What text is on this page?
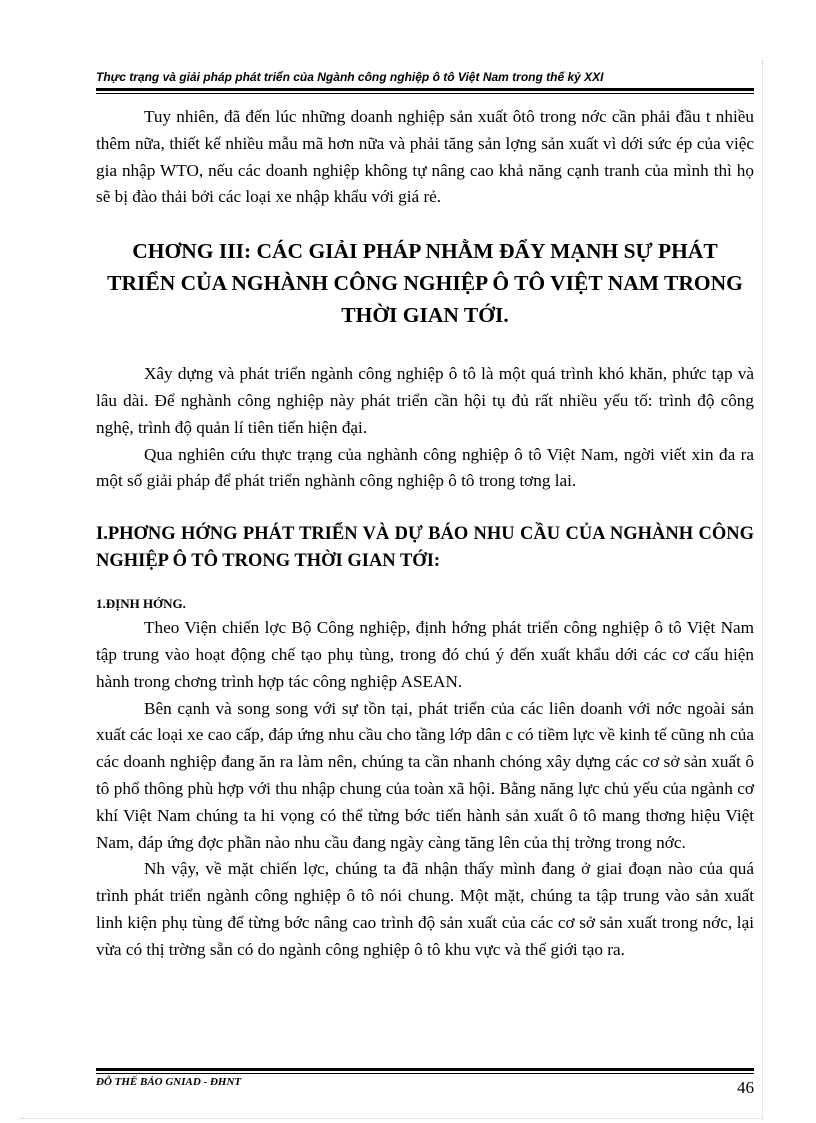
Thực trạng và giải pháp phát triển của Ngành công nghiệp ô tô Việt Nam trong thế kỷ XXI

Tuy nhiên, đã đến lúc những doanh nghiệp sản xuất ôtô trong nớc cần phải đầu t nhiều thêm nữa, thiết kế nhiều mẫu mã hơn nữa và phải tăng sản lợng sản xuất vì dới sức ép của việc gia nhập WTO, nếu các doanh nghiệp không tự nâng cao khả năng cạnh tranh của mình thì họ sẽ bị đào thải bởi các loại xe nhập khẩu với giá rẻ.

CHƠNG III: CÁC GIẢI PHÁP NHẰM ĐẨY MẠNH SỰ PHÁT TRIỂN CỦA NGHÀNH CÔNG NGHIỆP Ô TÔ VIỆT NAM TRONG THỜI GIAN TỚI.

Xây dựng và phát triển ngành công nghiệp ô tô là một quá trình khó khăn, phức tạp và lâu dài. Để nghành công nghiệp này phát triển cần hội tụ đủ rất nhiều yếu tố: trình độ công nghệ, trình độ quản lí tiên tiến hiện đại.

Qua nghiên cứu thực trạng của nghành công nghiệp ô tô Việt Nam, ngời viết xin đa ra một số giải pháp để phát triển nghành công nghiệp ô tô trong tơng lai.

I.PHƠNG HỚNG PHÁT TRIỂN VÀ DỰ BÁO NHU CẦU CỦA NGHÀNH CÔNG NGHIỆP Ô TÔ TRONG THỜI GIAN TỚI:
1.ĐỊNH HỚNG.

Theo Viện chiến lợc Bộ Công nghiệp, định hớng phát triển công nghiệp ô tô Việt Nam tập trung vào hoạt động chế tạo phụ tùng, trong đó chú ý đến xuất khẩu dới các cơ cấu hiện hành trong chơng trình hợp tác công nghiệp ASEAN.

Bên cạnh và song song với sự tồn tại, phát triển của các liên doanh với nớc ngoài sản xuất các loại xe cao cấp, đáp ứng nhu cầu cho tầng lớp dân c có tiềm lực về kinh tế cũng nh của các doanh nghiệp đang ăn ra làm nên, chúng ta cần nhanh chóng xây dựng các cơ sở sản xuất ô tô phổ thông phù hợp với thu nhập chung của toàn xã hội. Bằng năng lực chủ yếu của ngành cơ khí Việt Nam chúng ta hi vọng có thể từng bớc tiến hành sản xuất ô tô mang thơng hiệu Việt Nam, đáp ứng đợc phần nào nhu cầu đang ngày càng tăng lên của thị trờng trong nớc.

Nh vậy, về mặt chiến lợc, chúng ta đã nhận thấy mình đang ở giai đoạn nào của quá trình phát triển ngành công nghiệp ô tô nói chung. Một mặt, chúng ta tập trung vào sản xuất linh kiện phụ tùng để từng bớc nâng cao trình độ sản xuất của các cơ sở sản xuất trong nớc, lại vừa có thị trờng sẵn có do ngành công nghiệp ô tô khu vực và thế giới tạo ra.

ĐỖ THẾ BẢO GNIAD - ĐHNT	46
